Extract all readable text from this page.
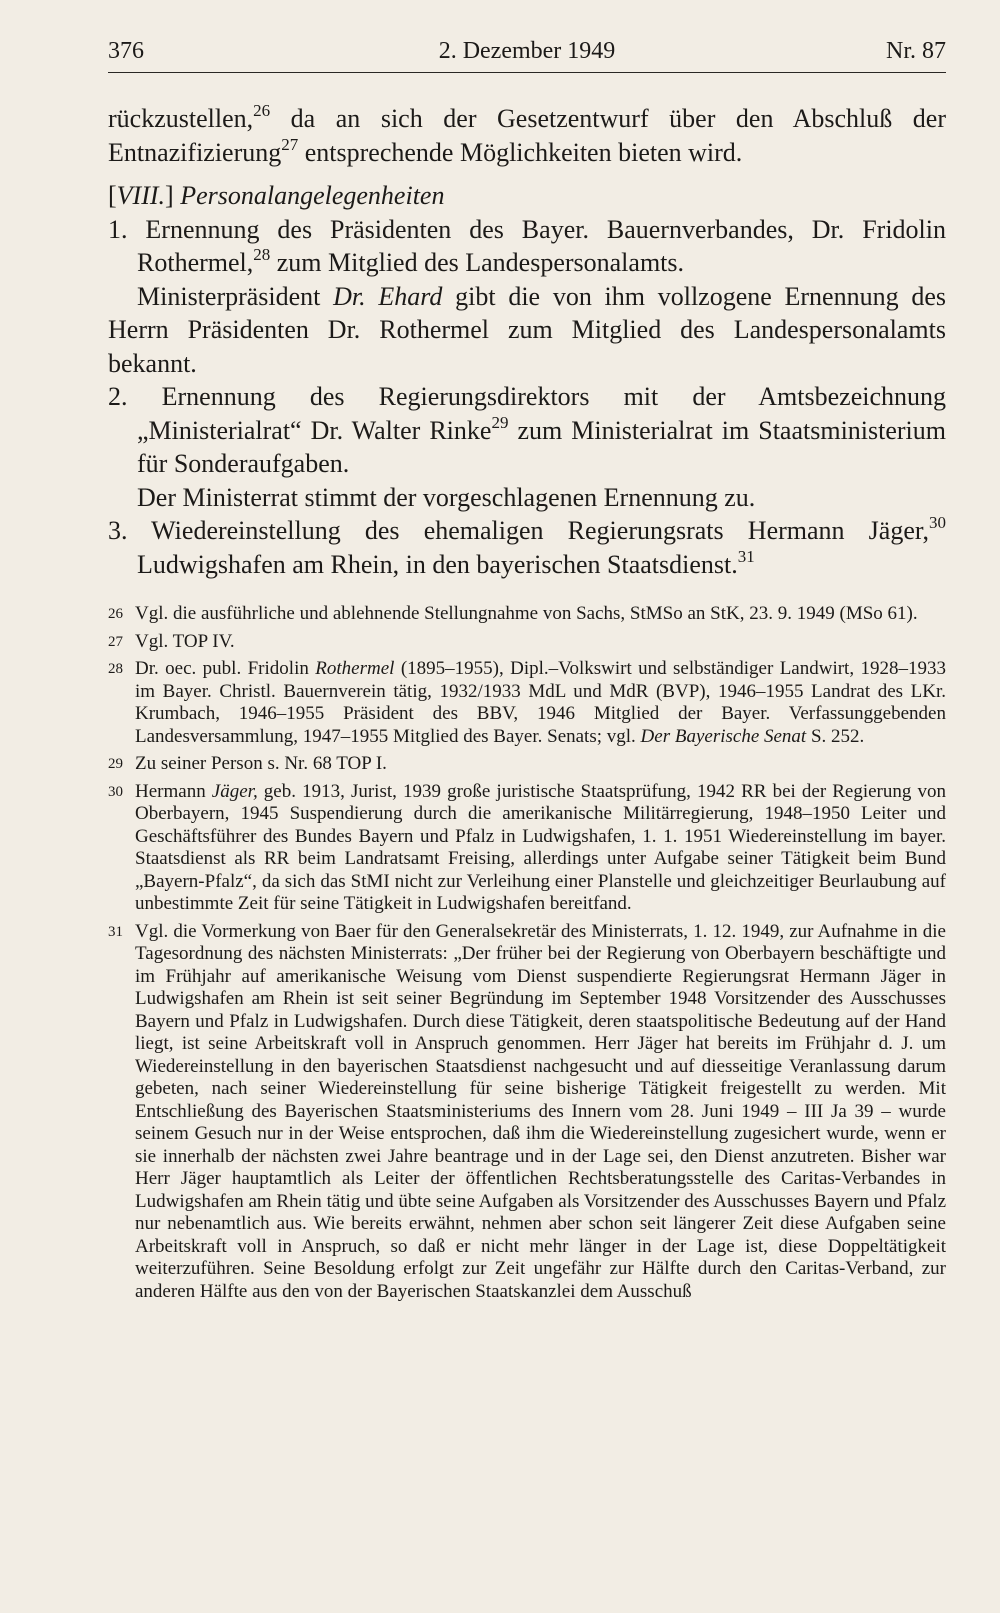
376	2. Dezember 1949	Nr. 87

rückzustellen,$^{26}$ da an sich der Gesetzentwurf über den Abschluß der Entnazifizierung$^{27}$ entsprechende Möglichkeiten bieten wird.

[VIII.] Personalangelegenheiten

1. Ernennung des Präsidenten des Bayer. Bauernverbandes, Dr. Fridolin Rothermel,$^{28}$ zum Mitglied des Landespersonalamts.

Ministerpräsident Dr. Ehard gibt die von ihm vollzogene Ernennung des Herrn Präsidenten Dr. Rothermel zum Mitglied des Landespersonalamts bekannt.

2. Ernennung des Regierungsdirektors mit der Amtsbezeichnung „Ministerialrat“ Dr. Walter Rinke$^{29}$ zum Ministerialrat im Staatsministerium für Sonderaufgaben.

Der Ministerrat stimmt der vorgeschlagenen Ernennung zu.

3. Wiedereinstellung des ehemaligen Regierungsrats Hermann Jäger,$^{30}$ Ludwigshafen am Rhein, in den bayerischen Staatsdienst.$^{31}$

26 Vgl. die ausführliche und ablehnende Stellungnahme von Sachs, StMSo an StK, 23. 9. 1949 (MSo 61).
27 Vgl. TOP IV.
28 Dr. oec. publ. Fridolin Rothermel (1895–1955), Dipl.–Volkswirt und selbständiger Landwirt, 1928–1933 im Bayer. Christl. Bauernverein tätig, 1932/1933 MdL und MdR (BVP), 1946–1955 Landrat des LKr. Krumbach, 1946–1955 Präsident des BBV, 1946 Mitglied der Bayer. Verfassunggebenden Landesversammlung, 1947–1955 Mitglied des Bayer. Senats; vgl. Der Bayerische Senat S. 252.
29 Zu seiner Person s. Nr. 68 TOP I.
30 Hermann Jäger, geb. 1913, Jurist, 1939 große juristische Staatsprüfung, 1942 RR bei der Regierung von Oberbayern, 1945 Suspendierung durch die amerikanische Militärregierung, 1948–1950 Leiter und Geschäftsführer des Bundes Bayern und Pfalz in Ludwigshafen, 1. 1. 1951 Wiedereinstellung im bayer. Staatsdienst als RR beim Landratsamt Freising, allerdings unter Aufgabe seiner Tätigkeit beim Bund „Bayern-Pfalz“, da sich das StMI nicht zur Verleihung einer Planstelle und gleichzeitiger Beurlaubung auf unbestimmte Zeit für seine Tätigkeit in Ludwigshafen bereitfand.
31 Vgl. die Vormerkung von Baer für den Generalsekretär des Ministerrats, 1. 12. 1949, zur Aufnahme in die Tagesordnung des nächsten Ministerrats: „Der früher bei der Regierung von Oberbayern beschäftigte und im Frühjahr auf amerikanische Weisung vom Dienst suspendierte Regierungsrat Hermann Jäger in Ludwigshafen am Rhein ist seit seiner Begründung im September 1948 Vorsitzender des Ausschusses Bayern und Pfalz in Ludwigshafen. Durch diese Tätigkeit, deren staatspolitische Bedeutung auf der Hand liegt, ist seine Arbeitskraft voll in Anspruch genommen. Herr Jäger hat bereits im Frühjahr d. J. um Wiedereinstellung in den bayerischen Staatsdienst nachgesucht und auf diesseitige Veranlassung darum gebeten, nach seiner Wiedereinstellung für seine bisherige Tätigkeit freigestellt zu werden. Mit Entschließung des Bayerischen Staatsministeriums des Innern vom 28. Juni 1949 – III Ja 39 – wurde seinem Gesuch nur in der Weise entsprochen, daß ihm die Wiedereinstellung zugesichert wurde, wenn er sie innerhalb der nächsten zwei Jahre beantrage und in der Lage sei, den Dienst anzutreten. Bisher war Herr Jäger hauptamtlich als Leiter der öffentlichen Rechtsberatungsstelle des Caritas-Verbandes in Ludwigshafen am Rhein tätig und übte seine Aufgaben als Vorsitzender des Ausschusses Bayern und Pfalz nur nebenamtlich aus. Wie bereits erwähnt, nehmen aber schon seit längerer Zeit diese Aufgaben seine Arbeitskraft voll in Anspruch, so daß er nicht mehr länger in der Lage ist, diese Doppeltätigkeit weiterzuführen. Seine Besoldung erfolgt zur Zeit ungefähr zur Hälfte durch den Caritas-Verband, zur anderen Hälfte aus den von der Bayerischen Staatskanzlei dem Ausschuß
